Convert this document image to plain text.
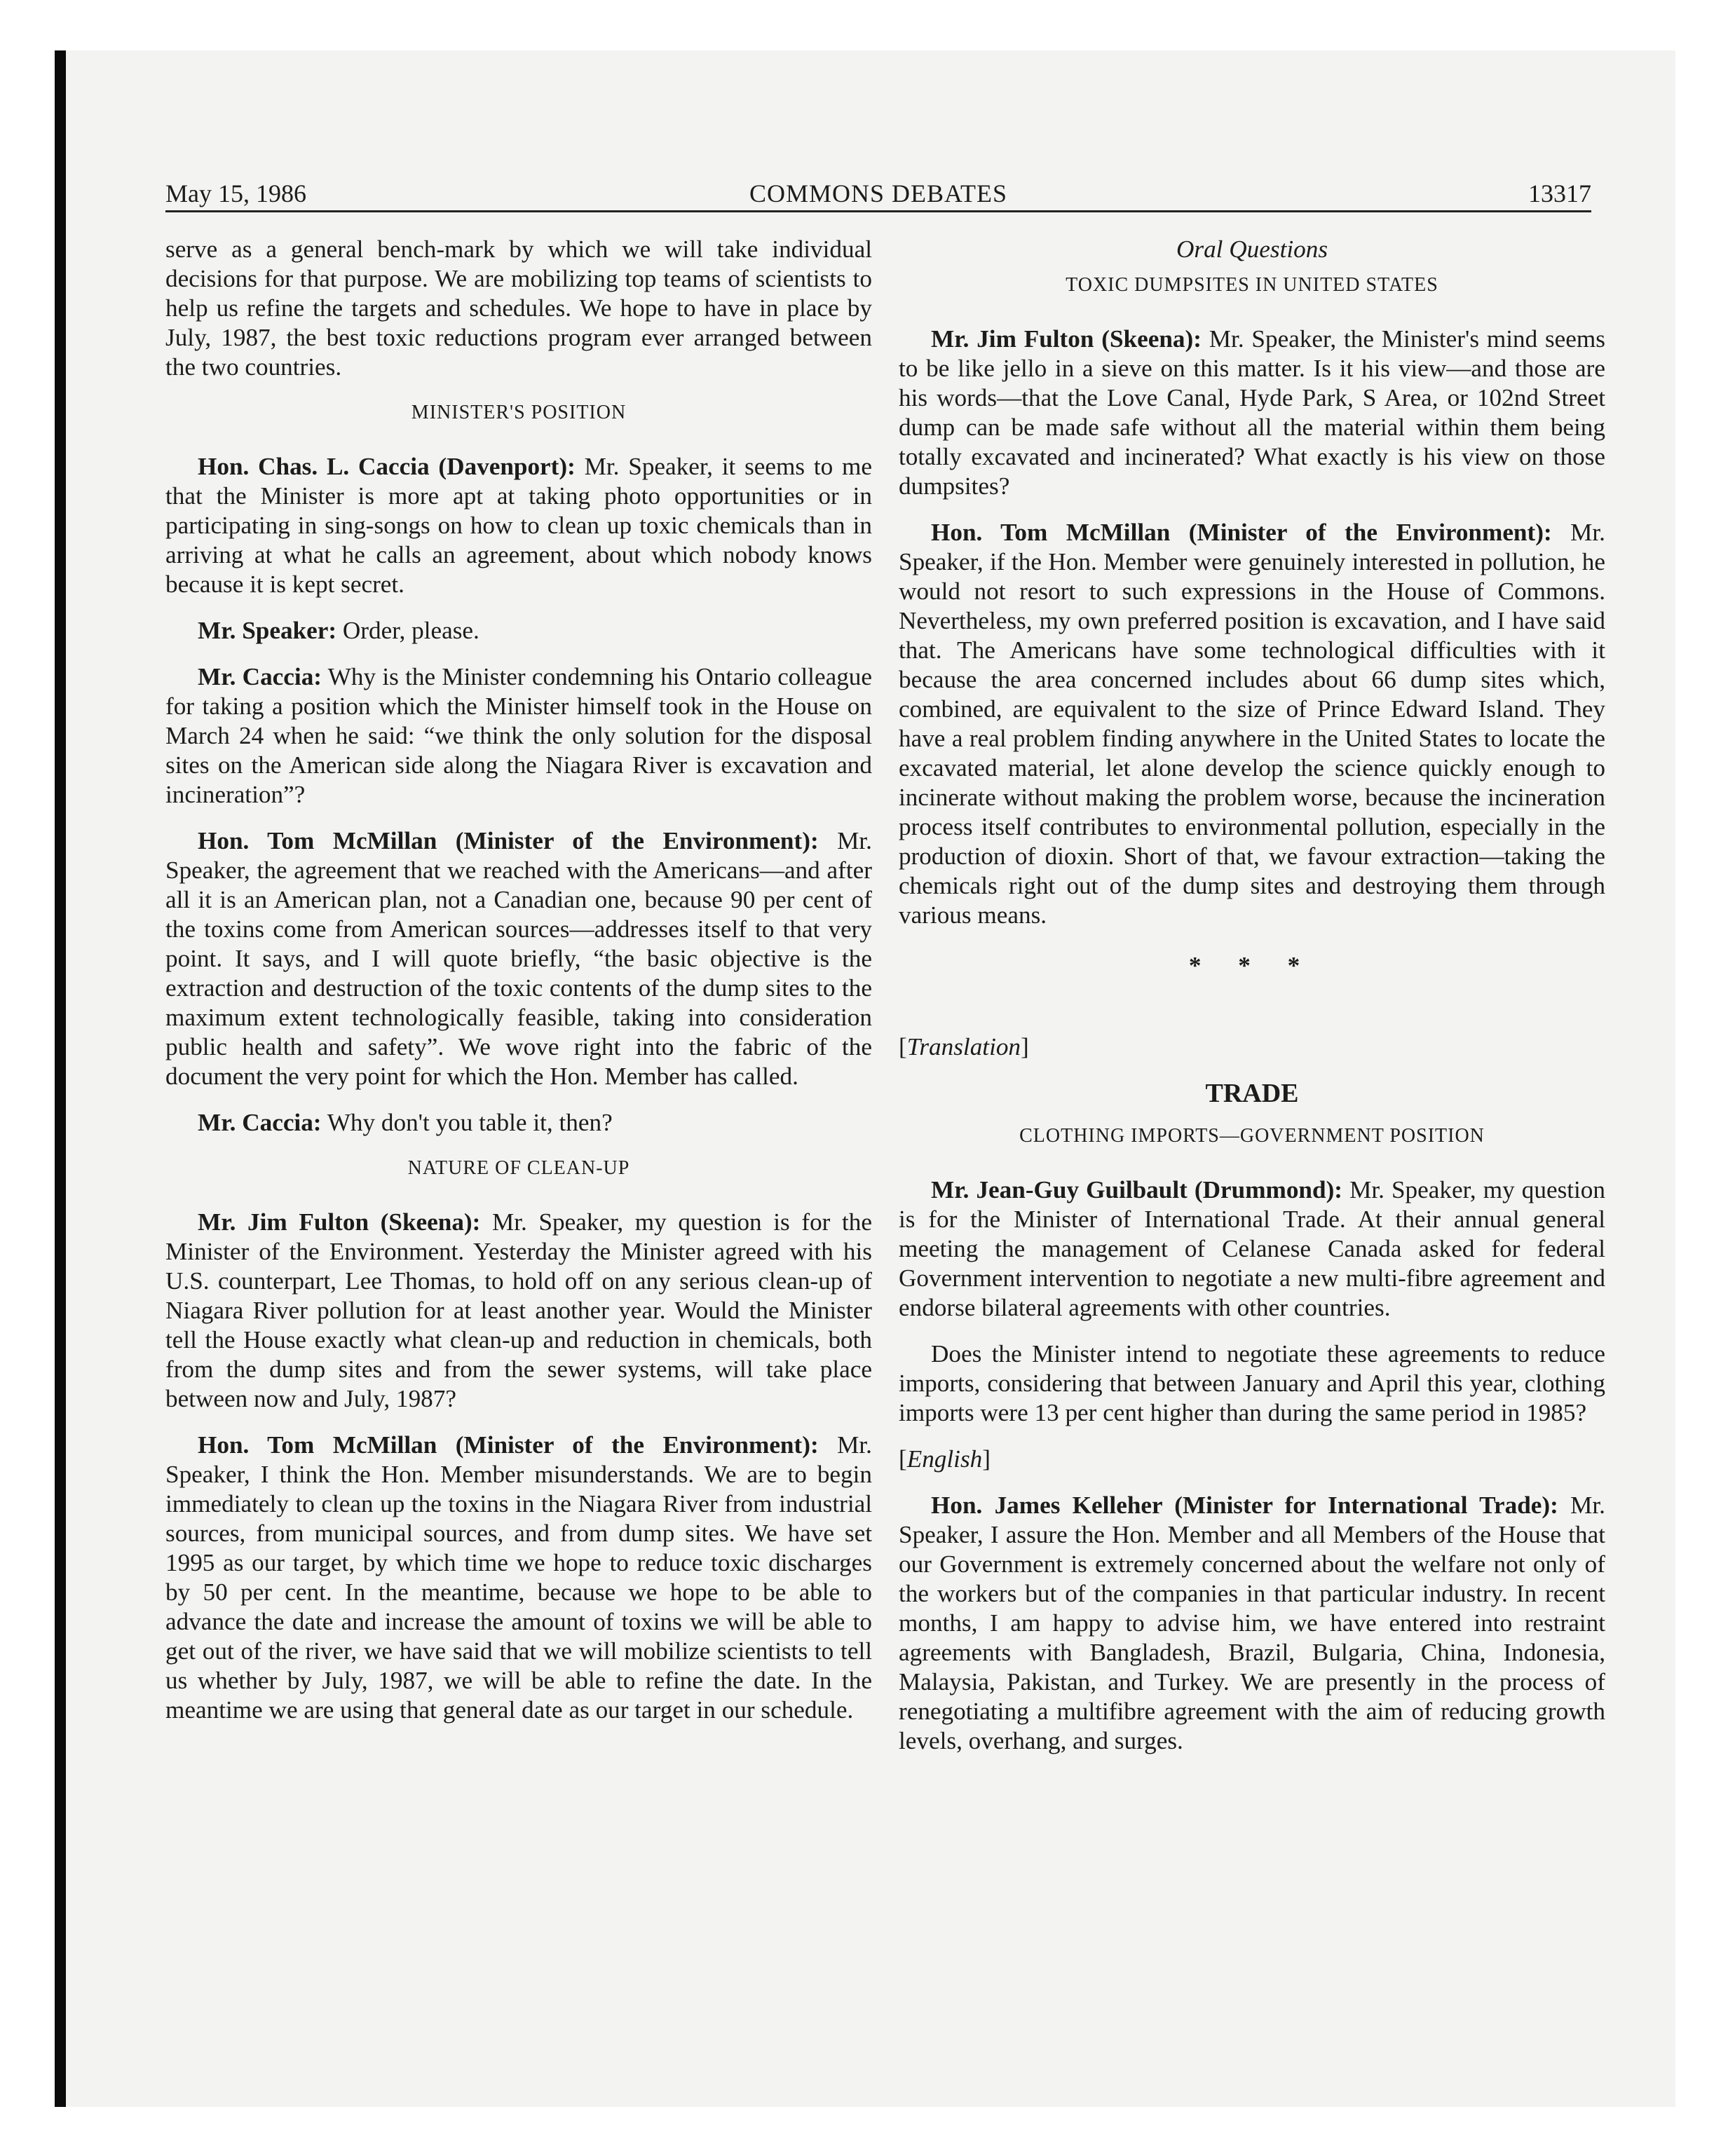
May 15, 1986	COMMONS DEBATES	13317

serve as a general bench-mark by which we will take individual decisions for that purpose. We are mobilizing top teams of scientists to help us refine the targets and schedules. We hope to have in place by July, 1987, the best toxic reductions program ever arranged between the two countries.

MINISTER'S POSITION

Hon. Chas. L. Caccia (Davenport): Mr. Speaker, it seems to me that the Minister is more apt at taking photo opportunities or in participating in sing-songs on how to clean up toxic chemicals than in arriving at what he calls an agreement, about which nobody knows because it is kept secret.

Mr. Speaker: Order, please.

Mr. Caccia: Why is the Minister condemning his Ontario colleague for taking a position which the Minister himself took in the House on March 24 when he said: “we think the only solution for the disposal sites on the American side along the Niagara River is excavation and incineration”?

Hon. Tom McMillan (Minister of the Environment): Mr. Speaker, the agreement that we reached with the Americans—and after all it is an American plan, not a Canadian one, because 90 per cent of the toxins come from American sources—addresses itself to that very point. It says, and I will quote briefly, “the basic objective is the extraction and destruction of the toxic contents of the dump sites to the maximum extent technologically feasible, taking into consideration public health and safety”. We wove right into the fabric of the document the very point for which the Hon. Member has called.

Mr. Caccia: Why don't you table it, then?

NATURE OF CLEAN-UP

Mr. Jim Fulton (Skeena): Mr. Speaker, my question is for the Minister of the Environment. Yesterday the Minister agreed with his U.S. counterpart, Lee Thomas, to hold off on any serious clean-up of Niagara River pollution for at least another year. Would the Minister tell the House exactly what clean-up and reduction in chemicals, both from the dump sites and from the sewer systems, will take place between now and July, 1987?

Hon. Tom McMillan (Minister of the Environment): Mr. Speaker, I think the Hon. Member misunderstands. We are to begin immediately to clean up the toxins in the Niagara River from industrial sources, from municipal sources, and from dump sites. We have set 1995 as our target, by which time we hope to reduce toxic discharges by 50 per cent. In the meantime, because we hope to be able to advance the date and increase the amount of toxins we will be able to get out of the river, we have said that we will mobilize scientists to tell us whether by July, 1987, we will be able to refine the date. In the meantime we are using that general date as our target in our schedule.

Oral Questions
TOXIC DUMPSITES IN UNITED STATES

Mr. Jim Fulton (Skeena): Mr. Speaker, the Minister's mind seems to be like jello in a sieve on this matter. Is it his view—and those are his words—that the Love Canal, Hyde Park, S Area, or 102nd Street dump can be made safe without all the material within them being totally excavated and incinerated? What exactly is his view on those dumpsites?

Hon. Tom McMillan (Minister of the Environment): Mr. Speaker, if the Hon. Member were genuinely interested in pollution, he would not resort to such expressions in the House of Commons. Nevertheless, my own preferred position is excavation, and I have said that. The Americans have some technological difficulties with it because the area concerned includes about 66 dump sites which, combined, are equivalent to the size of Prince Edward Island. They have a real problem finding anywhere in the United States to locate the excavated material, let alone develop the science quickly enough to incinerate without making the problem worse, because the incineration process itself contributes to environmental pollution, especially in the production of dioxin. Short of that, we favour extraction—taking the chemicals right out of the dump sites and destroying them through various means.

* * *
[Translation]
TRADE
CLOTHING IMPORTS—GOVERNMENT POSITION

Mr. Jean-Guy Guilbault (Drummond): Mr. Speaker, my question is for the Minister of International Trade. At their annual general meeting the management of Celanese Canada asked for federal Government intervention to negotiate a new multi-fibre agreement and endorse bilateral agreements with other countries.

Does the Minister intend to negotiate these agreements to reduce imports, considering that between January and April this year, clothing imports were 13 per cent higher than during the same period in 1985?

[English]

Hon. James Kelleher (Minister for International Trade): Mr. Speaker, I assure the Hon. Member and all Members of the House that our Government is extremely concerned about the welfare not only of the workers but of the companies in that particular industry. In recent months, I am happy to advise him, we have entered into restraint agreements with Bangladesh, Brazil, Bulgaria, China, Indonesia, Malaysia, Pakistan, and Turkey. We are presently in the process of renegotiating a multifibre agreement with the aim of reducing growth levels, overhang, and surges.
